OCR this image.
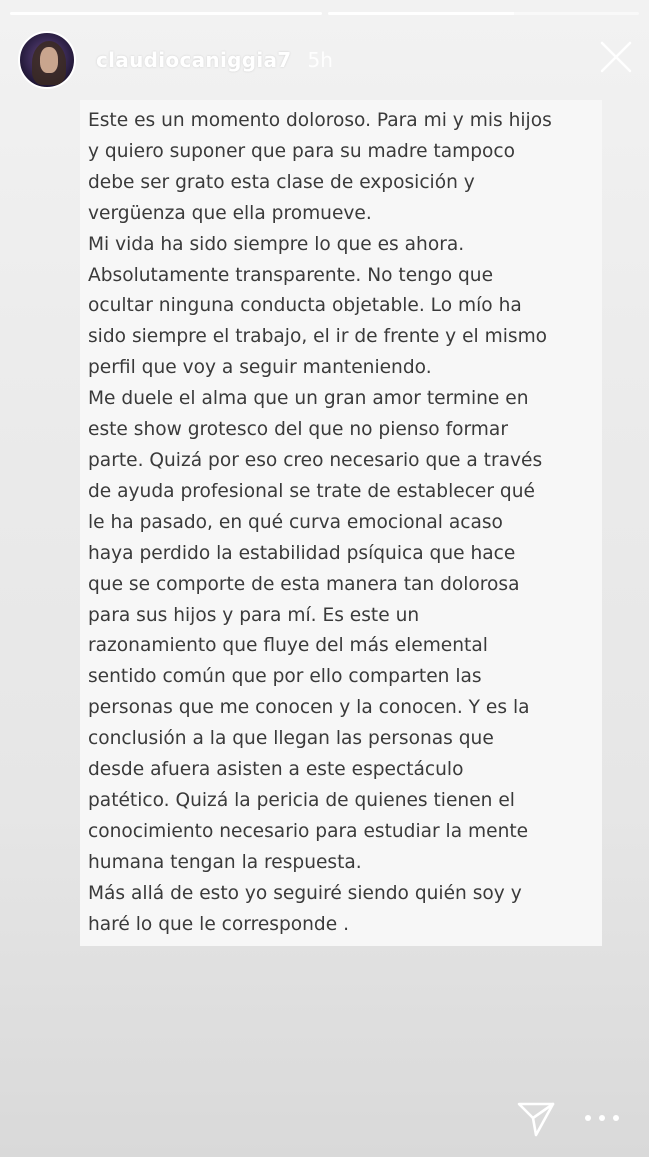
claudiocaniggia7 5h

Este es un momento doloroso. Para mi y mis hijos

y quiero suponer que para su madre tampoco

debe ser grato esta clase de exposición y

vergüenza que ella promueve.

Mi vida ha sido siempre lo que es ahora.

Absolutamente transparente. No tengo que

ocultar ninguna conducta objetable. Lo mío ha

sido siempre el trabajo, el ir de frente y el mismo

perfil que voy a seguir manteniendo.

Me duele el alma que un gran amor termine en

este show grotesco del que no pienso formar

parte. Quizá por eso creo necesario que a través

de ayuda profesional se trate de establecer qué

le ha pasado, en qué curva emocional acaso

haya perdido la estabilidad psíquica que hace

que se comporte de esta manera tan dolorosa

para sus hijos y para mí. Es este un

razonamiento que fluye del más elemental

sentido común que por ello comparten las

personas que me conocen y la conocen. Y es la

conclusión a la que llegan las personas que

desde afuera asisten a este espectáculo

patético. Quizá la pericia de quienes tienen el

conocimiento necesario para estudiar la mente

humana tengan la respuesta.

Más allá de esto yo seguiré siendo quién soy y

haré lo que le corresponde .
